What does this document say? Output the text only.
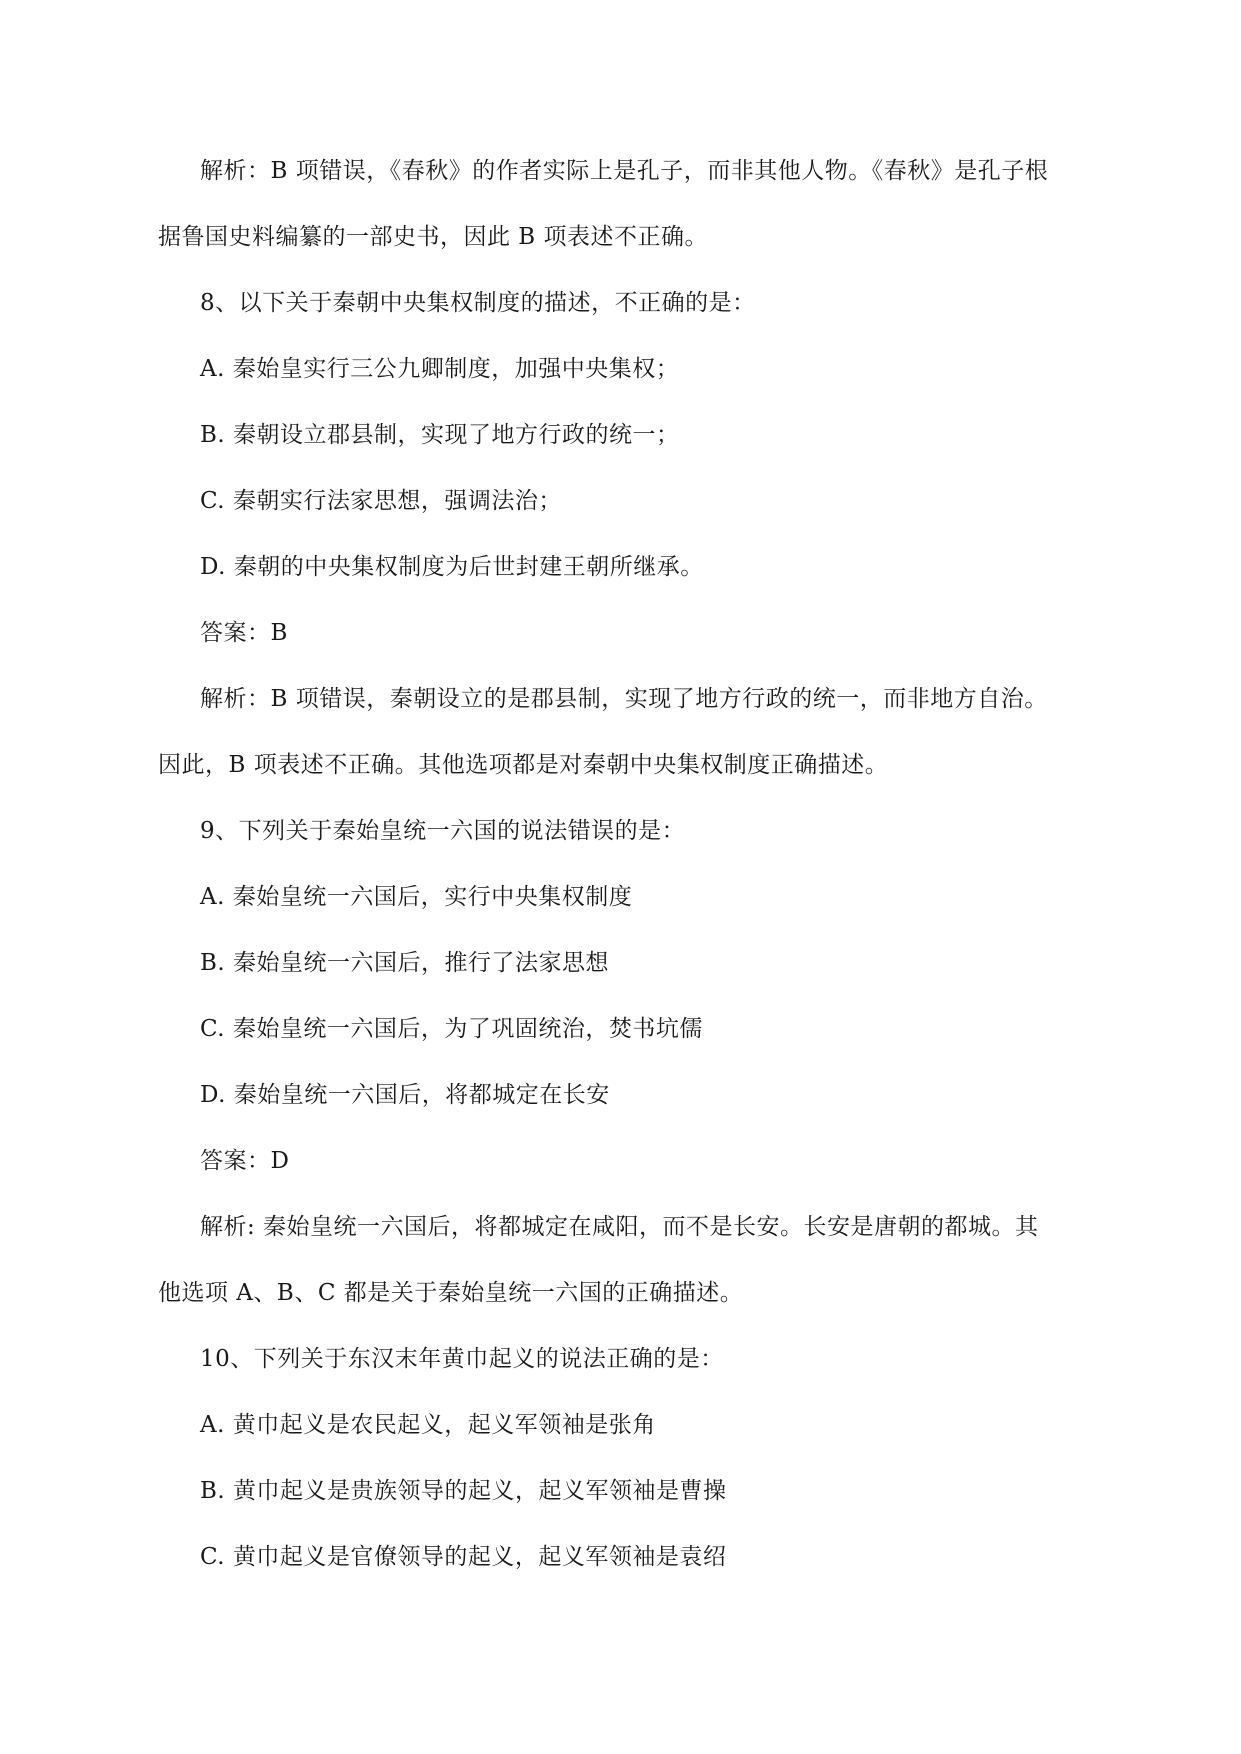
解析：B 项错误，《春秋》的作者实际上是孔子，而非其他人物。《春秋》是孔子根
据鲁国史料编纂的一部史书，因此 B 项表述不正确。
8、以下关于秦朝中央集权制度的描述，不正确的是：
A. 秦始皇实行三公九卿制度，加强中央集权；
B. 秦朝设立郡县制，实现了地方行政的统一；
C. 秦朝实行法家思想，强调法治；
D. 秦朝的中央集权制度为后世封建王朝所继承。
答案：B
解析：B 项错误，秦朝设立的是郡县制，实现了地方行政的统一，而非地方自治。
因此，B 项表述不正确。其他选项都是对秦朝中央集权制度正确描述。
9、下列关于秦始皇统一六国的说法错误的是：
A. 秦始皇统一六国后，实行中央集权制度
B. 秦始皇统一六国后，推行了法家思想
C. 秦始皇统一六国后，为了巩固统治，焚书坑儒
D. 秦始皇统一六国后，将都城定在长安
答案：D
解析: 秦始皇统一六国后，将都城定在咸阳，而不是长安。长安是唐朝的都城。其
他选项 A、B、C 都是关于秦始皇统一六国的正确描述。
10、下列关于东汉末年黄巾起义的说法正确的是：
A. 黄巾起义是农民起义，起义军领袖是张角
B. 黄巾起义是贵族领导的起义，起义军领袖是曹操
C. 黄巾起义是官僚领导的起义，起义军领袖是袁绍
